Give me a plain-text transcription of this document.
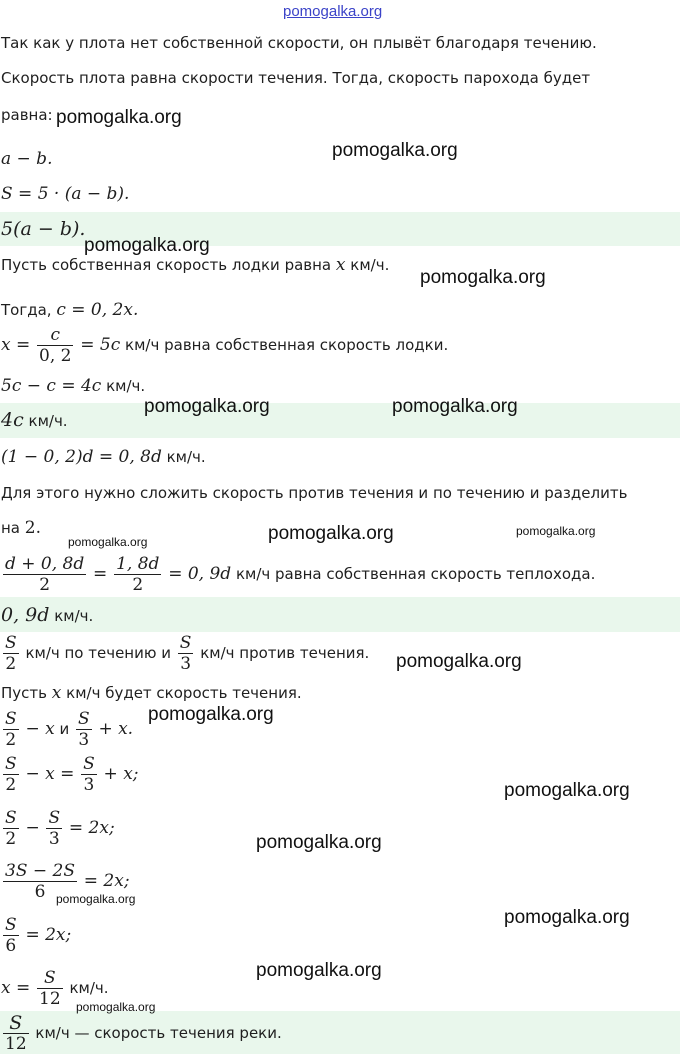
Так как у плота нет собственной скорости, он плывёт благодаря течению.
Скорость плота равна скорости течения. Тогда, скорость парохода будет
равна:
a − b.
S = 5 · (a − b).
5(a − b).
Пусть собственная скорость лодки равна x км/ч.
Тогда, c = 0, 2x.
$x = \frac{c}{0, 2} = 5c$ км/ч равна собственная скорость лодки.
5c − c = 4c км/ч.
4c км/ч.
(1 − 0, 2)d = 0, 8d км/ч.
Для этого нужно сложить скорость против течения и по течению и разделить
на 2.
$\frac{d + 0, 8d}{2} = \frac{1, 8d}{2} = 0$, 9d км/ч равна собственная скорость теплохода.
0, 9d км/ч.
$\frac{S}{2} км/ч$ по течению и $\frac{S}{3} км/ч$ против течения.
Пусть x км/ч будет скорость течения.
$\frac{S}{2} - x$ и $\frac{S}{3} + x$.
$\frac{S}{2} - x = \frac{S}{3} + x$;
$\frac{S}{2} - \frac{S}{3} = 2x$;
$\frac{3S - 2S}{6} = 2x$;
$\frac{S}{6} = 2x$;
$x = \frac{S}{12} км/ч$.
$\frac{S}{12} км/ч$ — скорость течения реки.
pomogalka.org
pomogalka.org
pomogalka.org
pomogalka.org
pomogalka.org
pomogalka.org	pomogalka.org
pomogalka.org	pomogalka.org	pomogalka.org
pomogalka.org
pomogalka.org
pomogalka.org
pomogalka.org
pomogalka.org
pomogalka.org
pomogalka.org
pomogalka.org
